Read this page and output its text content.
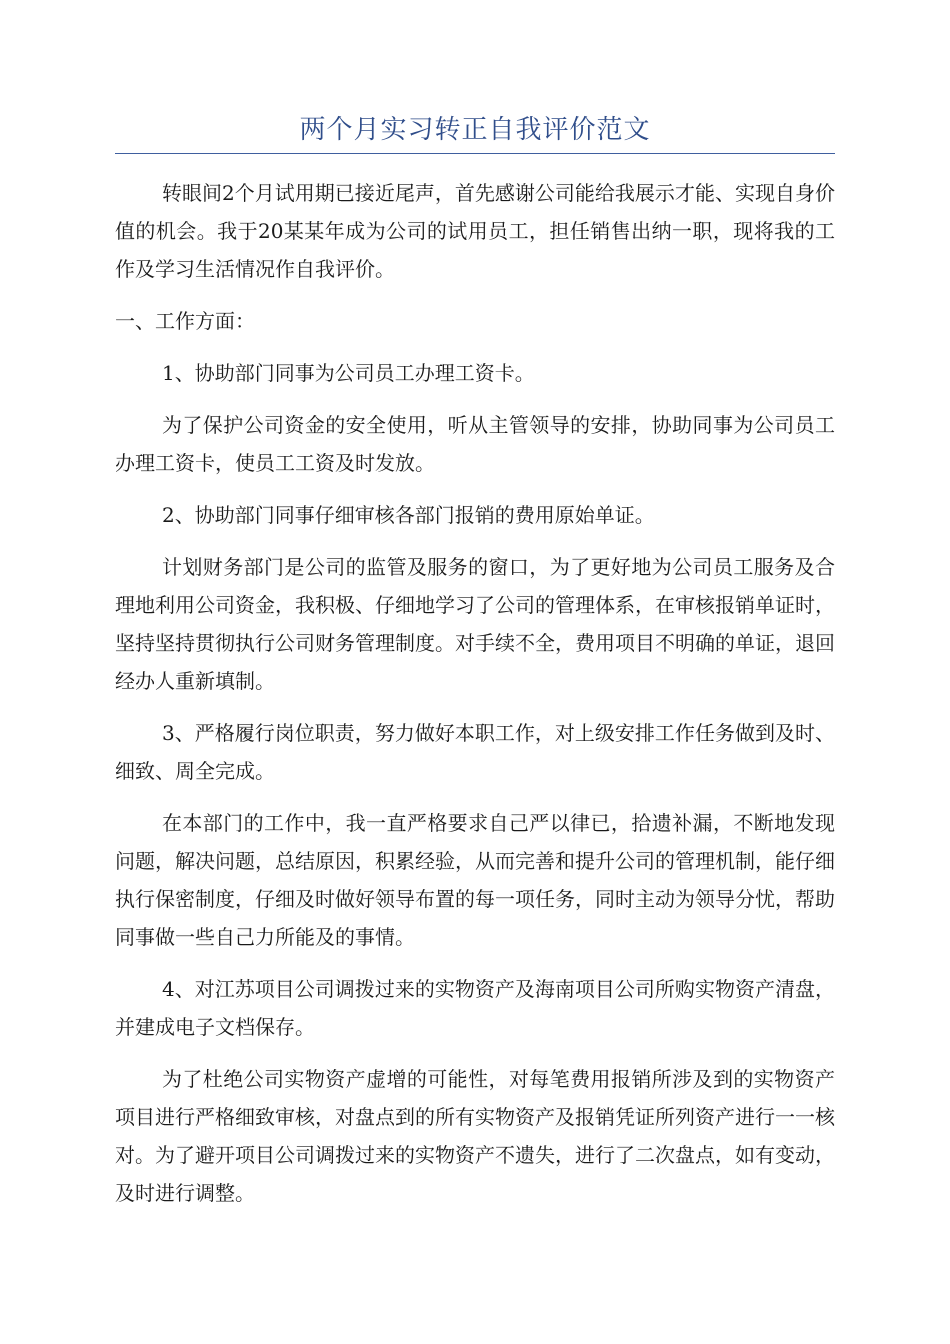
两个月实习转正自我评价范文

转眼间2个月试用期已接近尾声，首先感谢公司能给我展示才能、实现自身价值的机会。我于20某某年成为公司的试用员工，担任销售出纳一职，现将我的工作及学习生活情况作自我评价。

一、工作方面：

1、协助部门同事为公司员工办理工资卡。

为了保护公司资金的安全使用，听从主管领导的安排，协助同事为公司员工办理工资卡，使员工工资及时发放。

2、协助部门同事仔细审核各部门报销的费用原始单证。

计划财务部门是公司的监管及服务的窗口，为了更好地为公司员工服务及合理地利用公司资金，我积极、仔细地学习了公司的管理体系，在审核报销单证时，坚持坚持贯彻执行公司财务管理制度。对手续不全，费用项目不明确的单证，退回经办人重新填制。

3、严格履行岗位职责，努力做好本职工作，对上级安排工作任务做到及时、细致、周全完成。

在本部门的工作中，我一直严格要求自己严以律已，拾遗补漏，不断地发现问题，解决问题，总结原因，积累经验，从而完善和提升公司的管理机制，能仔细执行保密制度，仔细及时做好领导布置的每一项任务，同时主动为领导分忧，帮助同事做一些自己力所能及的事情。

4、对江苏项目公司调拨过来的实物资产及海南项目公司所购实物资产清盘，并建成电子文档保存。

为了杜绝公司实物资产虚增的可能性，对每笔费用报销所涉及到的实物资产项目进行严格细致审核，对盘点到的所有实物资产及报销凭证所列资产进行一一核对。为了避开项目公司调拨过来的实物资产不遗失，进行了二次盘点，如有变动，及时进行调整。
